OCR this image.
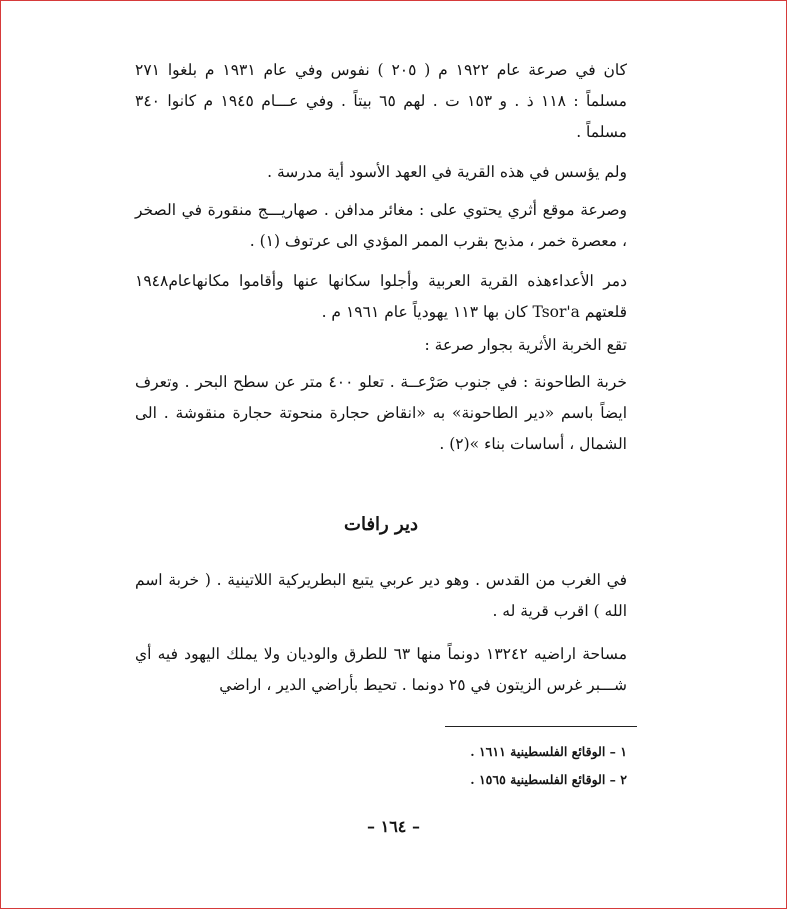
كان في صرعة عام ١٩٢٢ م ( ٢٠٥ ) نفوس وفي عام ١٩٣١ م بلغوا ٢٧١ مسلماً : ١١٨ ذ . و ١٥٣ ت . لهم ٦٥ بيتاً . وفي عـــام ١٩٤٥ م كانوا ٣٤٠ مسلماً .

ولم يؤسس في هذه القرية في العهد الأسود أية مدرسة .

وصرعة موقع أثري يحتوي على : مغائر مدافن . صهاريـــج منقورة في الصخر ، معصرة خمر ، مذبح بقرب الممر المؤدي الى عرتوف (١) .

دمر الأعداءهذه القرية العربية وأجلوا سكانها عنها وأقاموا مكانهاعام١٩٤٨ قلعتهم Tsor'a كان بها ١١٣ يهودياً عام ١٩٦١ م .

تقع الخربة الأثرية بجوار صرعة :

خربة الطاحونة : في جنوب صَرْعــة . تعلو ٤٠٠ متر عن سطح البحر . وتعرف ايضاً باسم «دير الطاحونة» به «انقاض حجارة منحوتة حجارة منقوشة . الى الشمال ، أساسات بناء »(٢) .

دير رافات

في الغرب من القدس . وهو دير عربي يتبع البطريركية اللاتينية . ( خربة اسم الله ) اقرب قرية له .

مساحة اراضيه ١٣٢٤٢ دونماً منها ٦٣ للطرق والوديان ولا يملك اليهود فيه أي شـــبر غرس الزيتون في ٢٥ دونما . تحيط بأراضي الدير ، اراضي

١ – الوقائع الفلسطينية ١٦١١ .
٢ – الوقائع الفلسطينية ١٥٦٥ .
– ١٦٤ –
